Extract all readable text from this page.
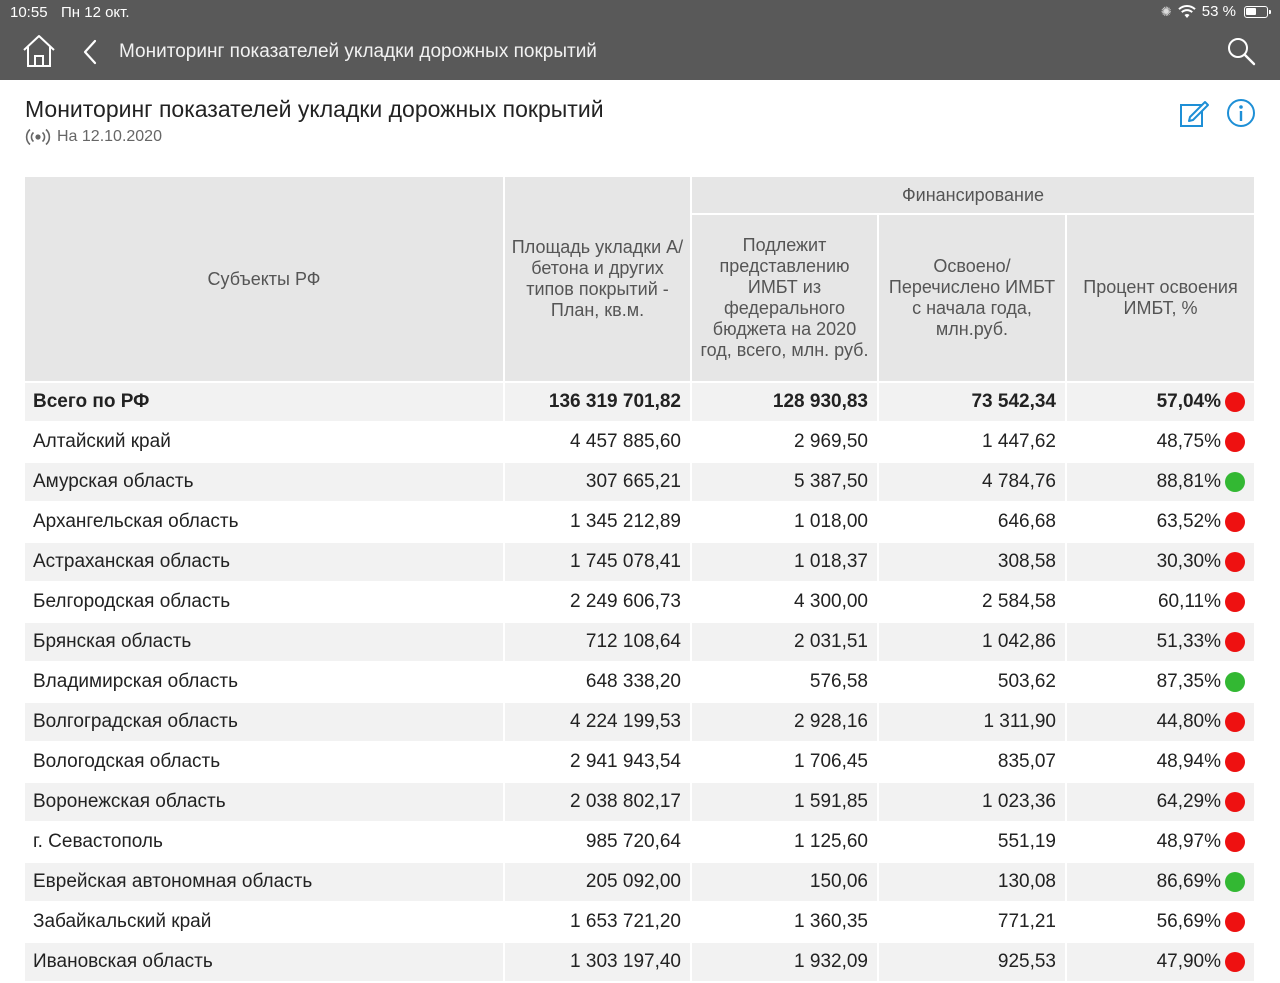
10:55 Пн 12 окт.	✺ 53 %
Мониторинг показателей укладки дорожных покрытий
Мониторинг показателей укладки дорожных покрытий
На 12.10.2020
Субъекты РФ	Площадь укладки А/бетона и других типов покрытий - План, кв.м.	Финансирование		
		Подлежит представлению ИМБТ из федерального бюджета на 2020 год, всего, млн. руб.	Освоено/ Перечислено ИМБТ с начала года, млн.руб.	Процент освоения ИМБТ, %
Всего по РФ	136 319 701,82	128 930,83	73 542,34	57,04%

Алтайский край	4 457 885,60	2 969,50	1 447,62	48,75%

Амурская область	307 665,21	5 387,50	4 784,76	88,81%

Архангельская область	1 345 212,89	1 018,00	646,68	63,52%

Астраханская область	1 745 078,41	1 018,37	308,58	30,30%

Белгородская область	2 249 606,73	4 300,00	2 584,58	60,11%

Брянская область	712 108,64	2 031,51	1 042,86	51,33%

Владимирская область	648 338,20	576,58	503,62	87,35%

Волгоградская область	4 224 199,53	2 928,16	1 311,90	44,80%

Вологодская область	2 941 943,54	1 706,45	835,07	48,94%

Воронежская область	2 038 802,17	1 591,85	1 023,36	64,29%

г. Севастополь	985 720,64	1 125,60	551,19	48,97%

Еврейская автономная область	205 092,00	150,06	130,08	86,69%

Забайкальский край	1 653 721,20	1 360,35	771,21	56,69%

Ивановская область	1 303 197,40	1 932,09	925,53	47,90%
